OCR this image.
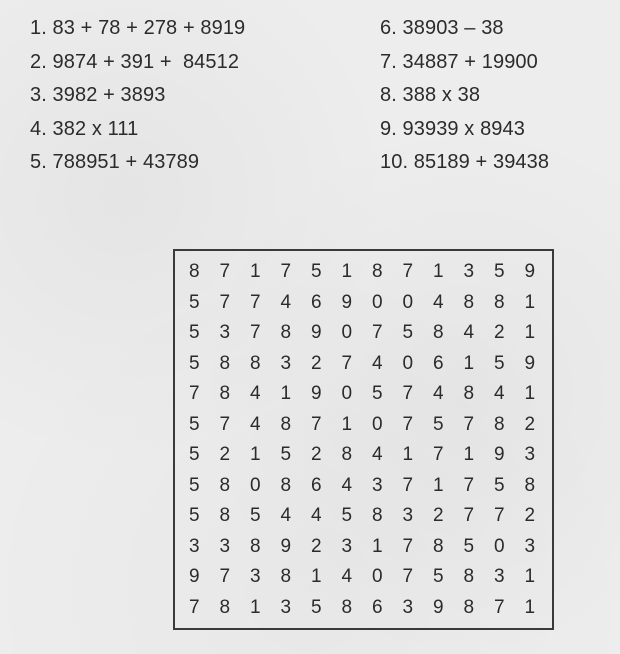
1. 83 + 78 + 278 + 8919
2. 9874 + 391 +  84512
3. 3982 + 3893
4. 382 x 111
5. 788951 + 43789
6. 38903 – 38
7. 34887 + 19900
8. 388 x 38
9. 93939 x 8943
10. 85189 + 39438
8	7	1	7	5	1	8	7	1	3	5	9
5	7	7	4	6	9	0	0	4	8	8	1
5	3	7	8	9	0	7	5	8	4	2	1
5	8	8	3	2	7	4	0	6	1	5	9
7	8	4	1	9	0	5	7	4	8	4	1
5	7	4	8	7	1	0	7	5	7	8	2
5	2	1	5	2	8	4	1	7	1	9	3
5	8	0	8	6	4	3	7	1	7	5	8
5	8	5	4	4	5	8	3	2	7	7	2
3	3	8	9	2	3	1	7	8	5	0	3
9	7	3	8	1	4	0	7	5	8	3	1
7	8	1	3	5	8	6	3	9	8	7	1
